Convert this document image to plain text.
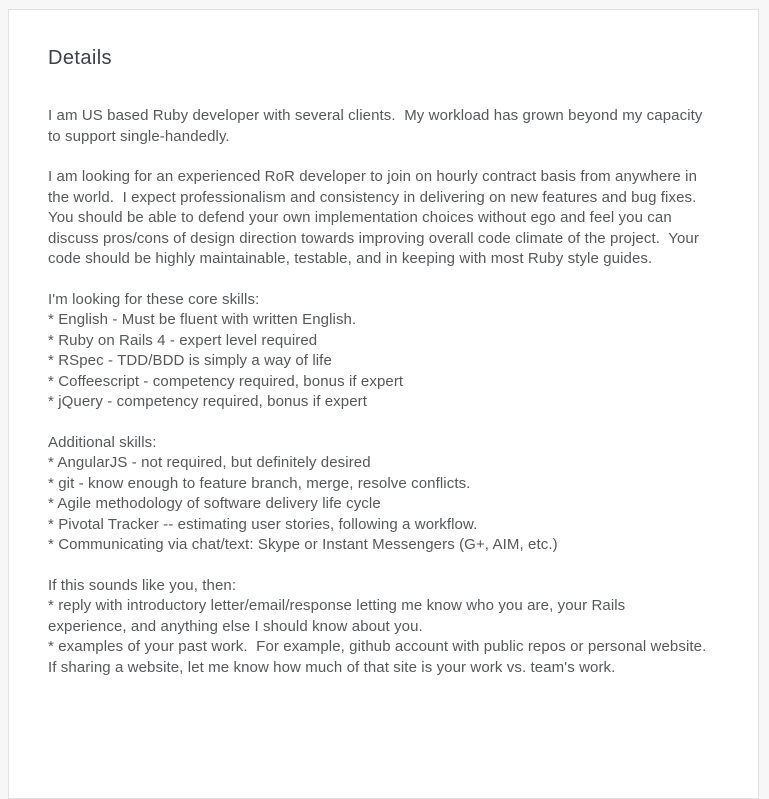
Details

I am US based Ruby developer with several clients.  My workload has grown beyond my capacity to support single-handedly.

I am looking for an experienced RoR developer to join on hourly contract basis from anywhere in the world.  I expect professionalism and consistency in delivering on new features and bug fixes.  You should be able to defend your own implementation choices without ego and feel you can discuss pros/cons of design direction towards improving overall code climate of the project.  Your code should be highly maintainable, testable, and in keeping with most Ruby style guides.

I'm looking for these core skills:
* English - Must be fluent with written English.
* Ruby on Rails 4 - expert level required
* RSpec - TDD/BDD is simply a way of life
* Coffeescript - competency required, bonus if expert
* jQuery - competency required, bonus if expert
Additional skills:
* AngularJS - not required, but definitely desired
* git - know enough to feature branch, merge, resolve conflicts.
* Agile methodology of software delivery life cycle
* Pivotal Tracker -- estimating user stories, following a workflow.
* Communicating via chat/text: Skype or Instant Messengers (G+, AIM, etc.)
If this sounds like you, then:
* reply with introductory letter/email/response letting me know who you are, your Rails experience, and anything else I should know about you.
* examples of your past work.  For example, github account with public repos or personal website.  If sharing a website, let me know how much of that site is your work vs. team's work.
